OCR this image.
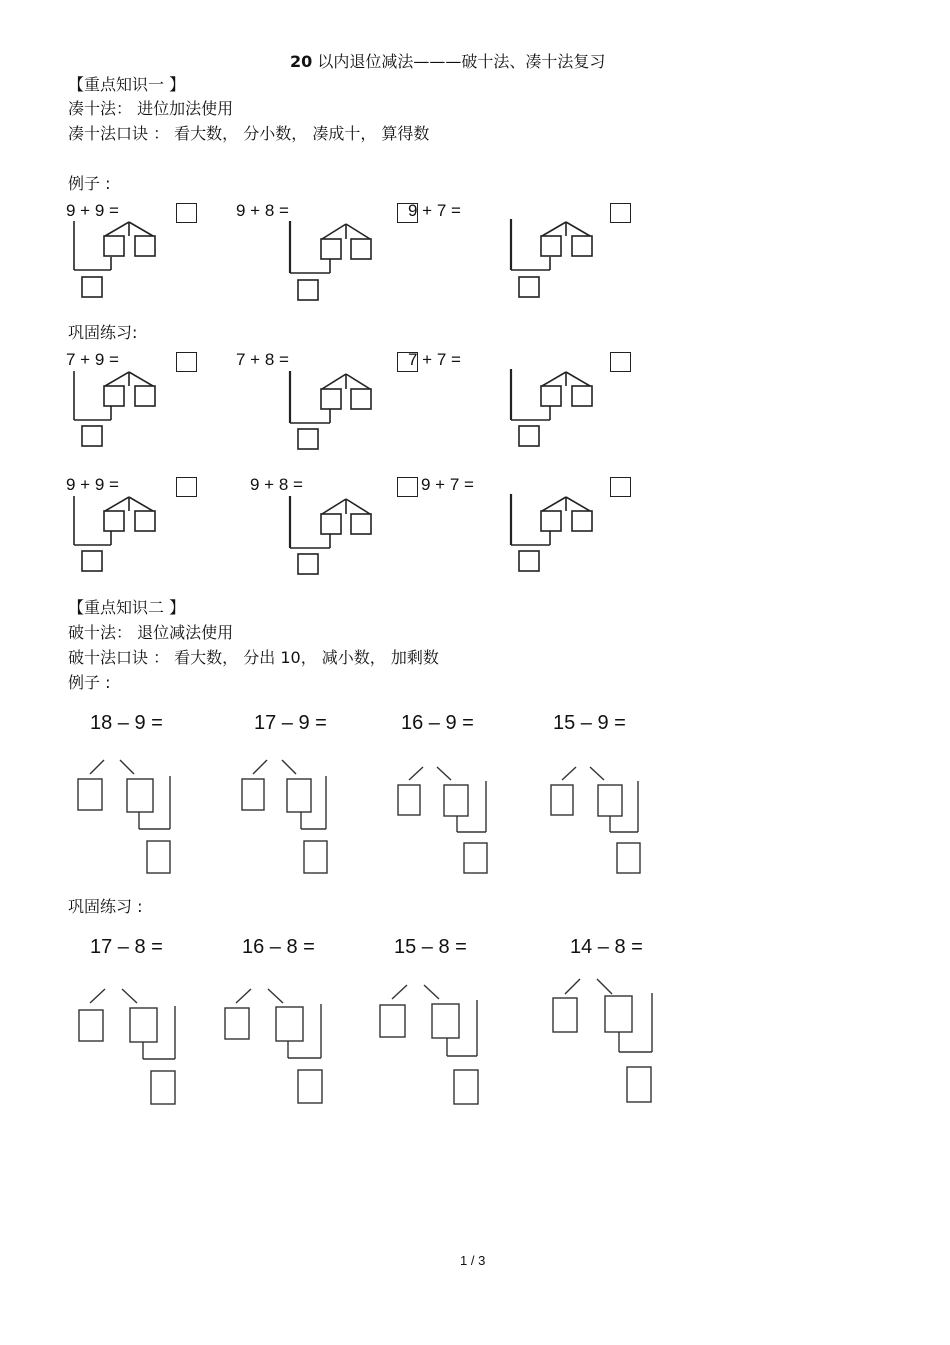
20 以内退位减法———破十法、凑十法复习
【重点知识一 】
凑十法： 进位加法使用
凑十法口诀 ： 看大数， 分小数， 凑成十， 算得数
例子 :
9 + 9 =	9 + 8 =	9 + 7 =
巩固练习:
7 + 9 =	7 + 8 =	7 + 7 =
9 + 9 =	9 + 8 =	9 + 7 =
【重点知识二 】
破十法： 退位减法使用
破十法口诀 ： 看大数， 分出 10， 减小数， 加剩数
例子 :
18 – 9 =	17 – 9 =	16 – 9 =	15 – 9 =
巩固练习 :
17 – 8 =	16 – 8 =	15 – 8 =	14 – 8 =
1 / 3
